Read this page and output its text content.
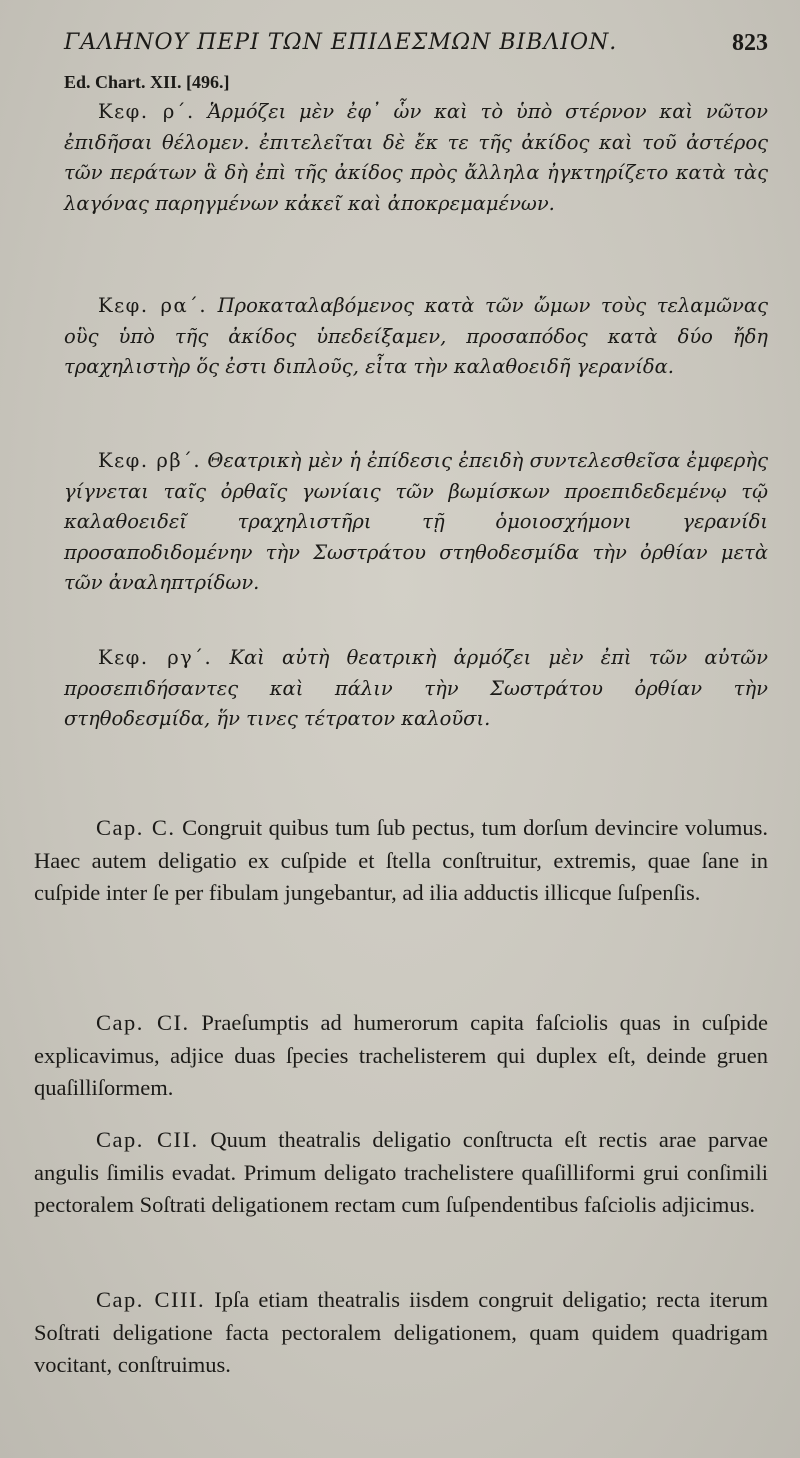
ΓΑΛΗΝΟΥ ΠΕΡΙ ΤΩΝ ΕΠΙΔΕΣΜΩΝ ΒΙΒΛΙΟΝ.	823
Ed. Chart. XII. [496.]

Κεφ. ρ΄. Ἁρμόζει μὲν ἐφ᾽ ὧν καὶ τὸ ὑπὸ στέρνον καὶ νῶτον ἐπιδῆσαι θέλομεν. ἐπιτελεῖται δὲ ἔκ τε τῆς ἀκίδος καὶ τοῦ ἀστέρος τῶν περάτων ἃ δὴ ἐπὶ τῆς ἀκίδος πρὸς ἄλληλα ἠγκτηρίζετο κατὰ τὰς λαγόνας παρηγμένων κἀκεῖ καὶ ἀποκρεμαμένων.

Κεφ. ρα΄. Προκαταλαβόμενος κατὰ τῶν ὤμων τοὺς τελαμῶνας οὓς ὑπὸ τῆς ἀκίδος ὑπεδείξαμεν, προσαπόδος κατὰ δύο ἤδη τραχηλιστὴρ ὅς ἐστι διπλοῦς, εἶτα τὴν καλαθοειδῆ γερανίδα.

Κεφ. ρβ΄. Θεατρικὴ μὲν ἡ ἐπίδεσις ἐπειδὴ συντελεσθεῖσα ἐμφερὴς γίγνεται ταῖς ὀρθαῖς γωνίαις τῶν βωμίσκων προεπιδεδεμένῳ τῷ καλαθοειδεῖ τραχηλιστῆρι τῇ ὁμοιοσχήμονι γερανίδι προσαποδιδομένην τὴν Σωστράτου στηθοδεσμίδα τὴν ὀρθίαν μετὰ τῶν ἀναληπτρίδων.

Κεφ. ργ΄. Καὶ αὐτὴ θεατρικὴ ἁρμόζει μὲν ἐπὶ τῶν αὐτῶν προσεπιδήσαντες καὶ πάλιν τὴν Σωστράτου ὀρθίαν τὴν στηθοδεσμίδα, ἥν τινες τέτρατον καλοῦσι.

Cap. C. Congruit quibus tum ſub pectus, tum dorſum devincire volumus. Haec autem deligatio ex cuſpide et ſtella conſtruitur, extremis, quae ſane in cuſpide inter ſe per fibulam jungebantur, ad ilia adductis illicque ſuſpenſis.

Cap. CI. Praeſumptis ad humerorum capita faſciolis quas in cuſpide explicavimus, adjice duas ſpecies trachelisterem qui duplex eſt, deinde gruen quaſilliſormem.

Cap. CII. Quum theatralis deligatio conſtructa eſt rectis arae parvae angulis ſimilis evadat. Primum deligato trachelistere quaſilliformi grui conſimili pectoralem Soſtrati deligationem rectam cum ſuſpendentibus faſciolis adjicimus.

Cap. CIII. Ipſa etiam theatralis iisdem congruit deligatio; recta iterum Soſtrati deligatione facta pectoralem deligationem, quam quidem quadrigam vocitant, conſtruimus.
